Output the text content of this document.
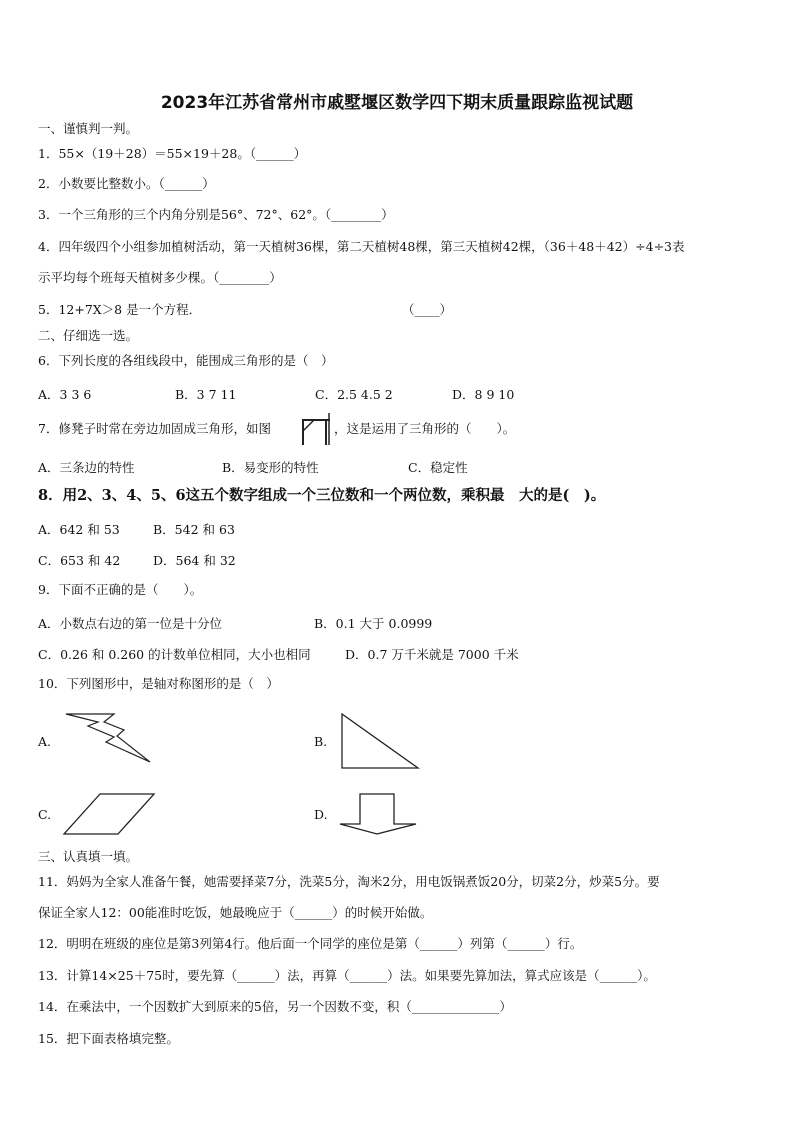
2023年江苏省常州市戚墅堰区数学四下期末质量跟踪监视试题
一、谨慎判一判。
1．55×（19＋28）＝55×19＋28。（______）
2．小数要比整数小。（______）
3．一个三角形的三个内角分别是56°、72°、62°。（________）
4．四年级四个小组参加植树活动，第一天植树36棵，第二天植树48棵，第三天植树42棵，（36＋48＋42）÷4÷3表
示平均每个班每天植树多少棵。（________）
5．12+7X＞8 是一个方程．	（____）
二、仔细选一选。
6．下列长度的各组线段中，能围成三角形的是（　）
A．3 3 6	B．3 7 11	C．2.5 4.5 2	D．8 9 10
7．修凳子时常在旁边加固成三角形，如图	，这是运用了三角形的（　　）。
A．三条边的特性	B．易变形的特性	C．稳定性
8．用2、3、4、5、6这五个数字组成一个三位数和一个两位数，乘积最　大的是(　)。
A．642 和 53	B．542 和 63
C．653 和 42	D．564 和 32
9．下面不正确的是（　　）。
A．小数点右边的第一位是十分位	B．0.1 大于 0.0999
C．0.26 和 0.260 的计数单位相同，大小也相同	D．0.7 万千米就是 7000 千米
10．下列图形中，是轴对称图形的是（　）
A.	B.
C.	D.
三、认真填一填。
11．妈妈为全家人准备午餐，她需要择菜7分，洗菜5分，淘米2分，用电饭锅煮饭20分，切菜2分，炒菜5分。要
保证全家人12：00能准时吃饭，她最晚应于（______）的时候开始做。
12．明明在班级的座位是第3列第4行。他后面一个同学的座位是第（______）列第（______）行。
13．计算14×25＋75时，要先算（______）法，再算（______）法。如果要先算加法，算式应该是（______）。
14．在乘法中，一个因数扩大到原来的5倍，另一个因数不变，积（______________）
15．把下面表格填完整。
